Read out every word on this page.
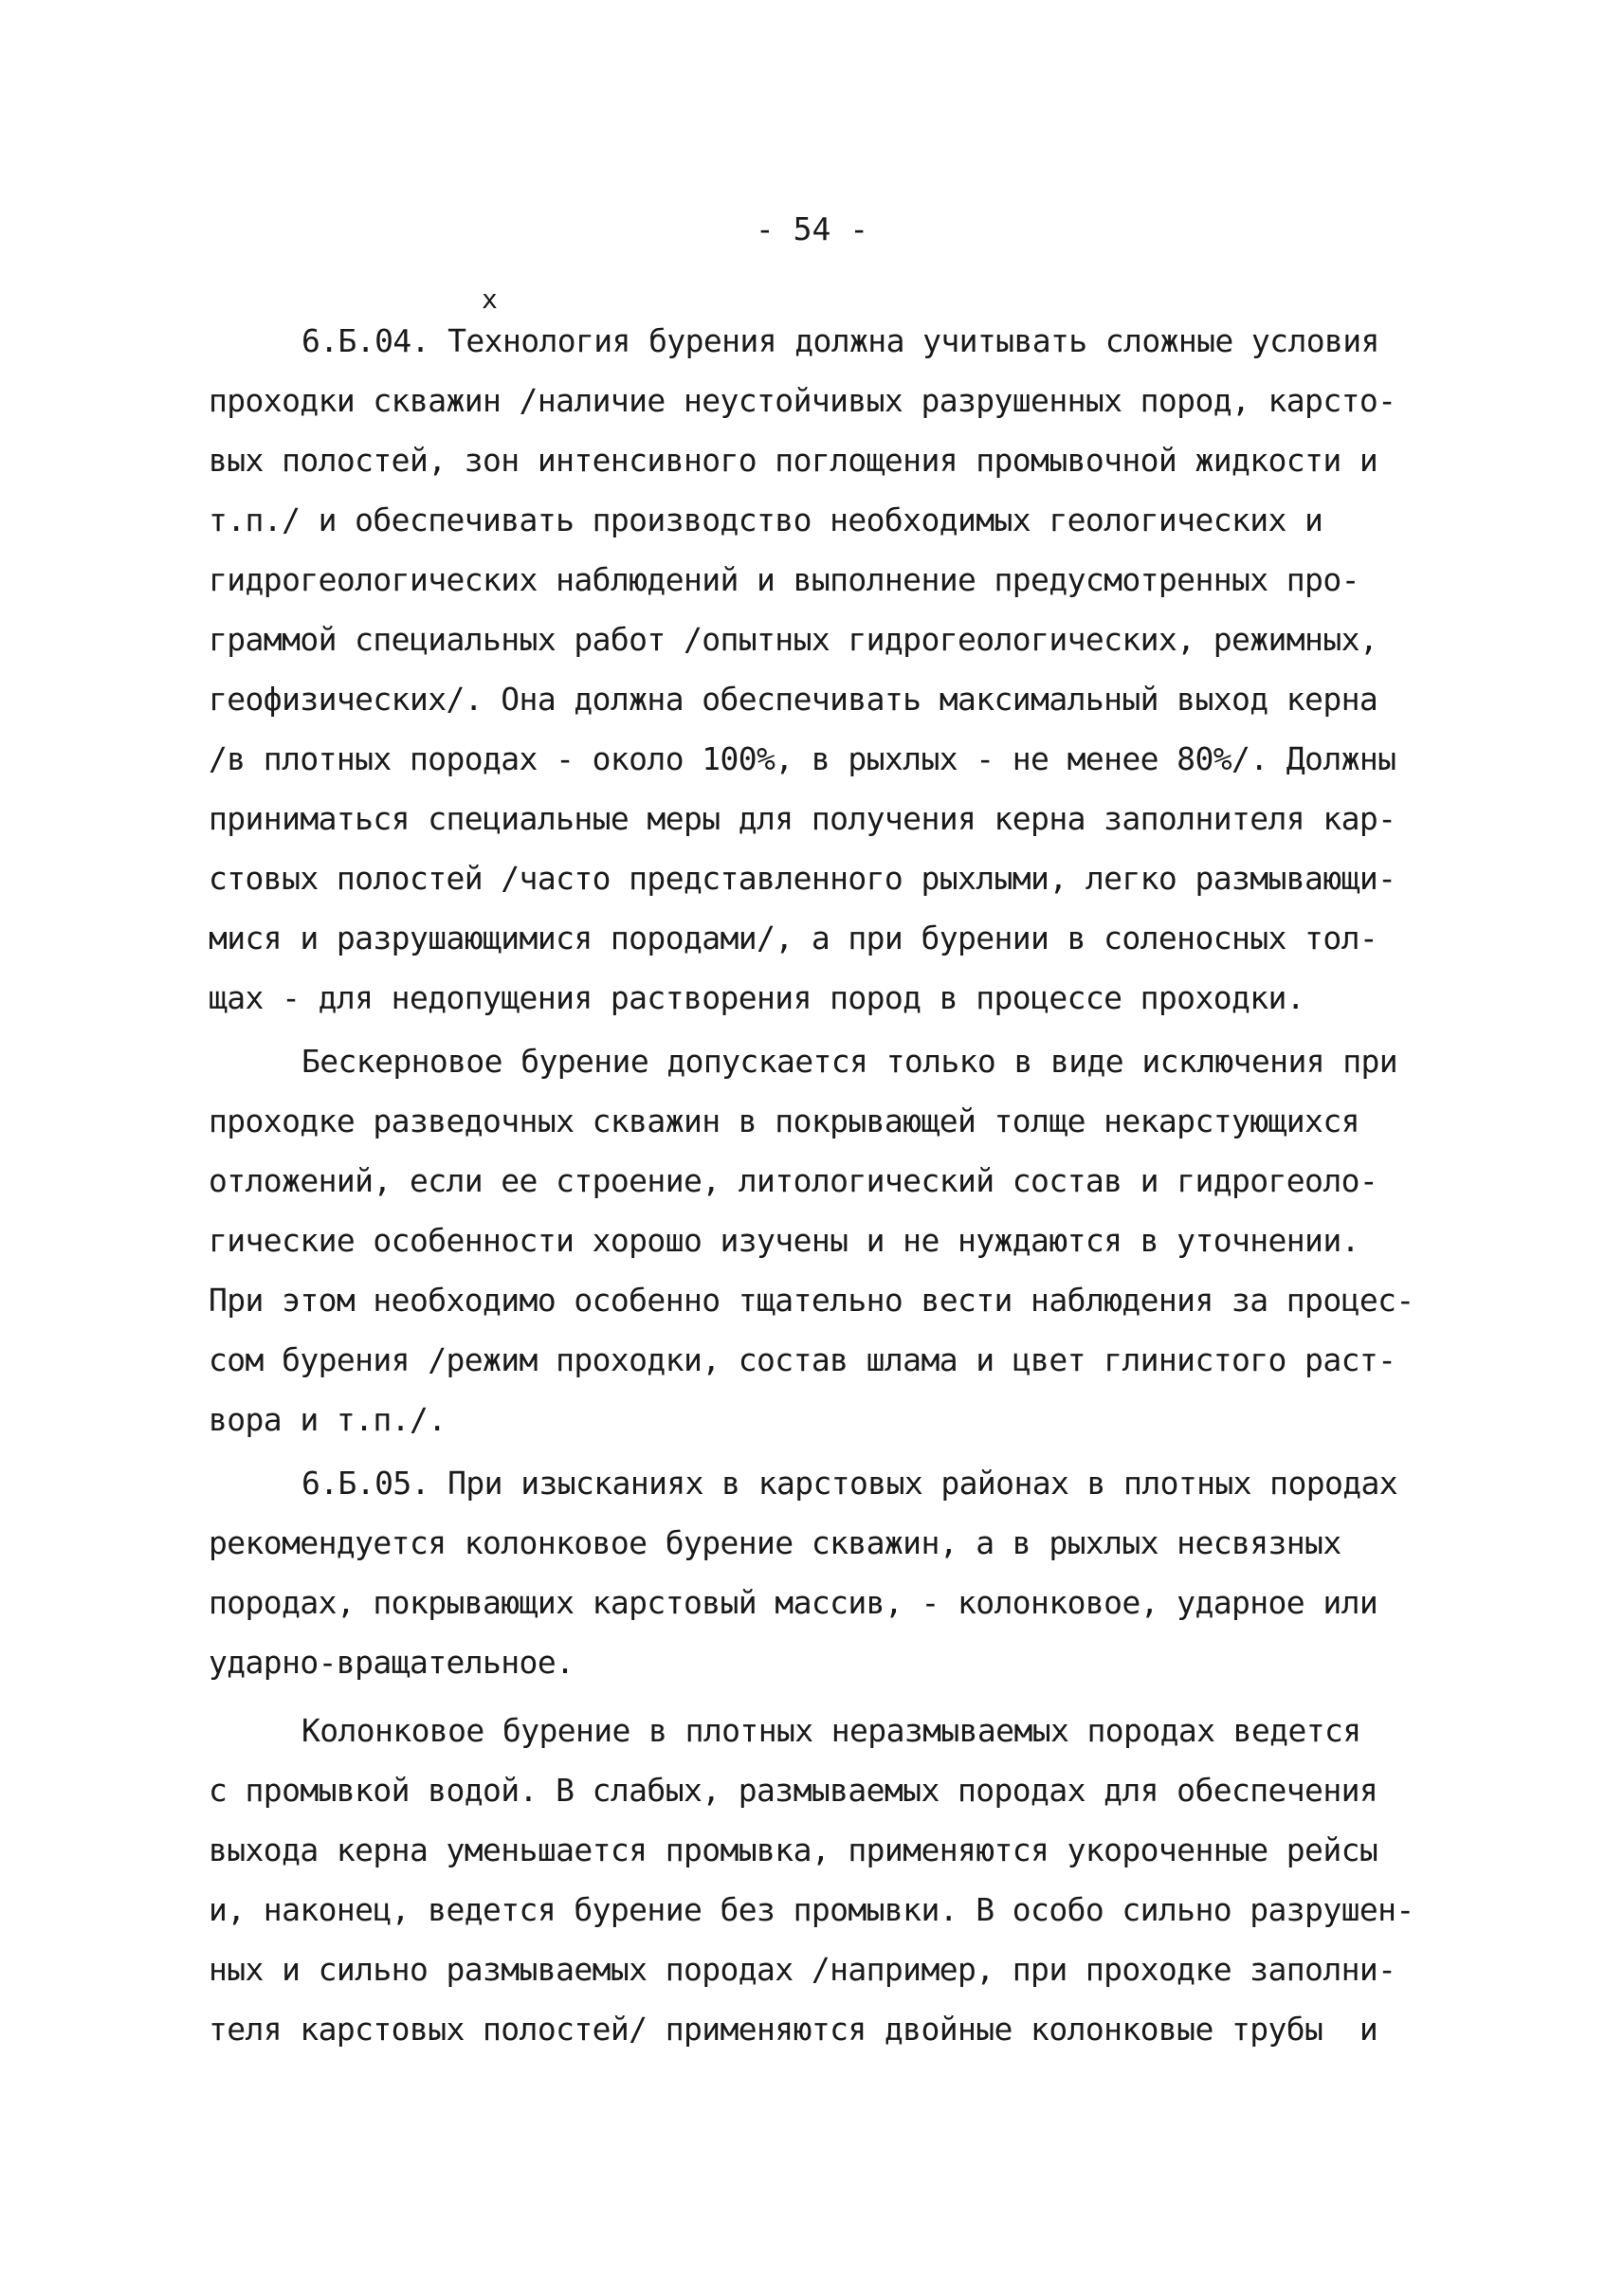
- 54 -
х
6.Б.04. Технология бурения должна учитывать сложные условия
проходки скважин /наличие неустойчивых разрушенных пород, карсто-
вых полостей, зон интенсивного поглощения промывочной жидкости и
т.п./ и обеспечивать производство необходимых геологических и
гидрогеологических наблюдений и выполнение предусмотренных про-
граммой специальных работ /опытных гидрогеологических, режимных,
геофизических/. Она должна обеспечивать максимальный выход керна
/в плотных породах - около 100%, в рыхлых - не менее 80%/. Должны
приниматься специальные меры для получения керна заполнителя кар-
стовых полостей /часто представленного рыхлыми, легко размывающи-
мися и разрушающимися породами/, а при бурении в соленосных тол-
щах - для недопущения растворения пород в процессе проходки.
Бескерновое бурение допускается только в виде исключения при
проходке разведочных скважин в покрывающей толще некарстующихся
отложений, если ее строение, литологический состав и гидрогеоло-
гические особенности хорошо изучены и не нуждаются в уточнении.
При этом необходимо особенно тщательно вести наблюдения за процес-
сом бурения /режим проходки, состав шлама и цвет глинистого раст-
вора и т.п./.
6.Б.05. При изысканиях в карстовых районах в плотных породах
рекомендуется колонковое бурение скважин, а в рыхлых несвязных
породах, покрывающих карстовый массив, - колонковое, ударное или
ударно-вращательное.
Колонковое бурение в плотных неразмываемых породах ведется
с промывкой водой. В слабых, размываемых породах для обеспечения
выхода керна уменьшается промывка, применяются укороченные рейсы
и, наконец, ведется бурение без промывки. В особо сильно разрушен-
ных и сильно размываемых породах /например, при проходке заполни-
теля карстовых полостей/ применяются двойные колонковые трубы  и
